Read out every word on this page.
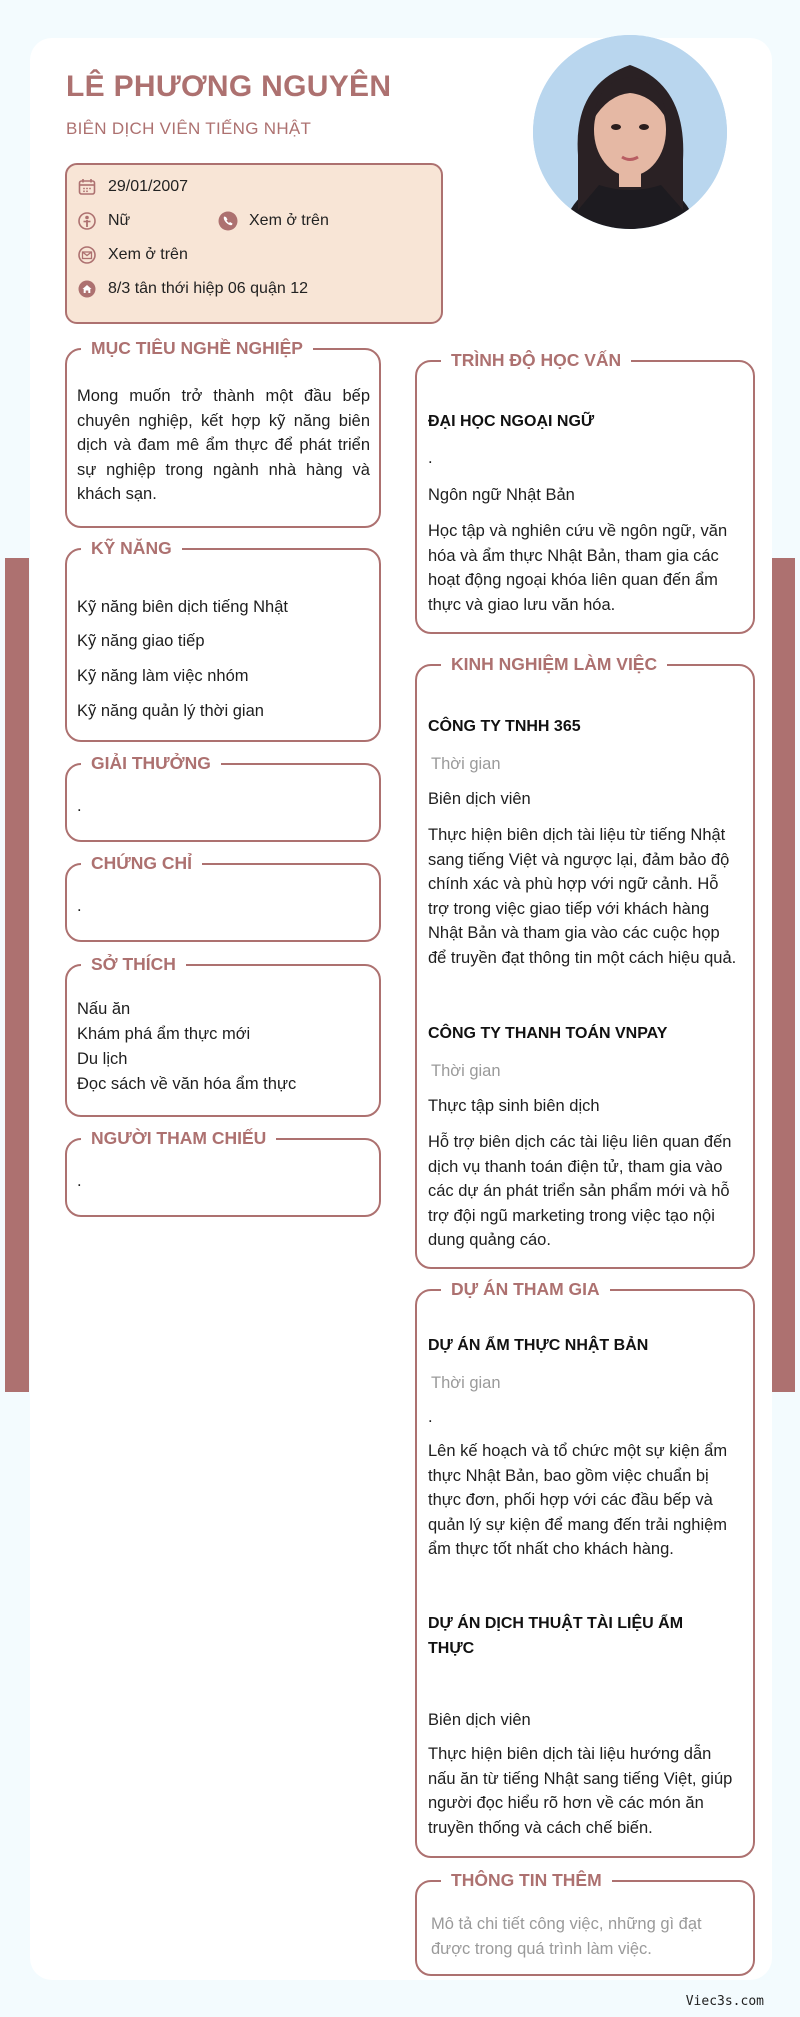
LÊ PHƯƠNG NGUYÊN
BIÊN DỊCH VIÊN TIẾNG NHẬT
29/01/2007
Nữ	Xem ở trên
Xem ở trên
8/3 tân thới hiệp 06 quận 12
MỤC TIÊU NGHỀ NGHIỆP
Mong muốn trở thành một đầu bếp chuyên nghiệp, kết hợp kỹ năng biên dịch và đam mê ẩm thực để phát triển sự nghiệp trong ngành nhà hàng và khách sạn.
KỸ NĂNG
Kỹ năng biên dịch tiếng Nhật
Kỹ năng giao tiếp
Kỹ năng làm việc nhóm
Kỹ năng quản lý thời gian
GIẢI THƯỞNG
.
CHỨNG CHỈ
.
SỞ THÍCH
Nấu ăn
Khám phá ẩm thực mới
Du lịch
Đọc sách về văn hóa ẩm thực
NGƯỜI THAM CHIẾU
.
TRÌNH ĐỘ HỌC VẤN
ĐẠI HỌC NGOẠI NGỮ
.
Ngôn ngữ Nhật Bản
Học tập và nghiên cứu về ngôn ngữ, văn hóa và ẩm thực Nhật Bản, tham gia các hoạt động ngoại khóa liên quan đến ẩm thực và giao lưu văn hóa.
KINH NGHIỆM LÀM VIỆC
CÔNG TY TNHH 365
Thời gian
Biên dịch viên
Thực hiện biên dịch tài liệu từ tiếng Nhật sang tiếng Việt và ngược lại, đảm bảo độ chính xác và phù hợp với ngữ cảnh. Hỗ trợ trong việc giao tiếp với khách hàng Nhật Bản và tham gia vào các cuộc họp để truyền đạt thông tin một cách hiệu quả.
CÔNG TY THANH TOÁN VNPAY
Thời gian
Thực tập sinh biên dịch
Hỗ trợ biên dịch các tài liệu liên quan đến dịch vụ thanh toán điện tử, tham gia vào các dự án phát triển sản phẩm mới và hỗ trợ đội ngũ marketing trong việc tạo nội dung quảng cáo.
DỰ ÁN THAM GIA
DỰ ÁN ẨM THỰC NHẬT BẢN
Thời gian
.
Lên kế hoạch và tổ chức một sự kiện ẩm thực Nhật Bản, bao gồm việc chuẩn bị thực đơn, phối hợp với các đầu bếp và quản lý sự kiện để mang đến trải nghiệm ẩm thực tốt nhất cho khách hàng.
DỰ ÁN DỊCH THUẬT TÀI LIỆU ẨM THỰC
Biên dịch viên
Thực hiện biên dịch tài liệu hướng dẫn nấu ăn từ tiếng Nhật sang tiếng Việt, giúp người đọc hiểu rõ hơn về các món ăn truyền thống và cách chế biến.
THÔNG TIN THÊM
Mô tả chi tiết công việc, những gì đạt được trong quá trình làm việc.
Viec3s.com
